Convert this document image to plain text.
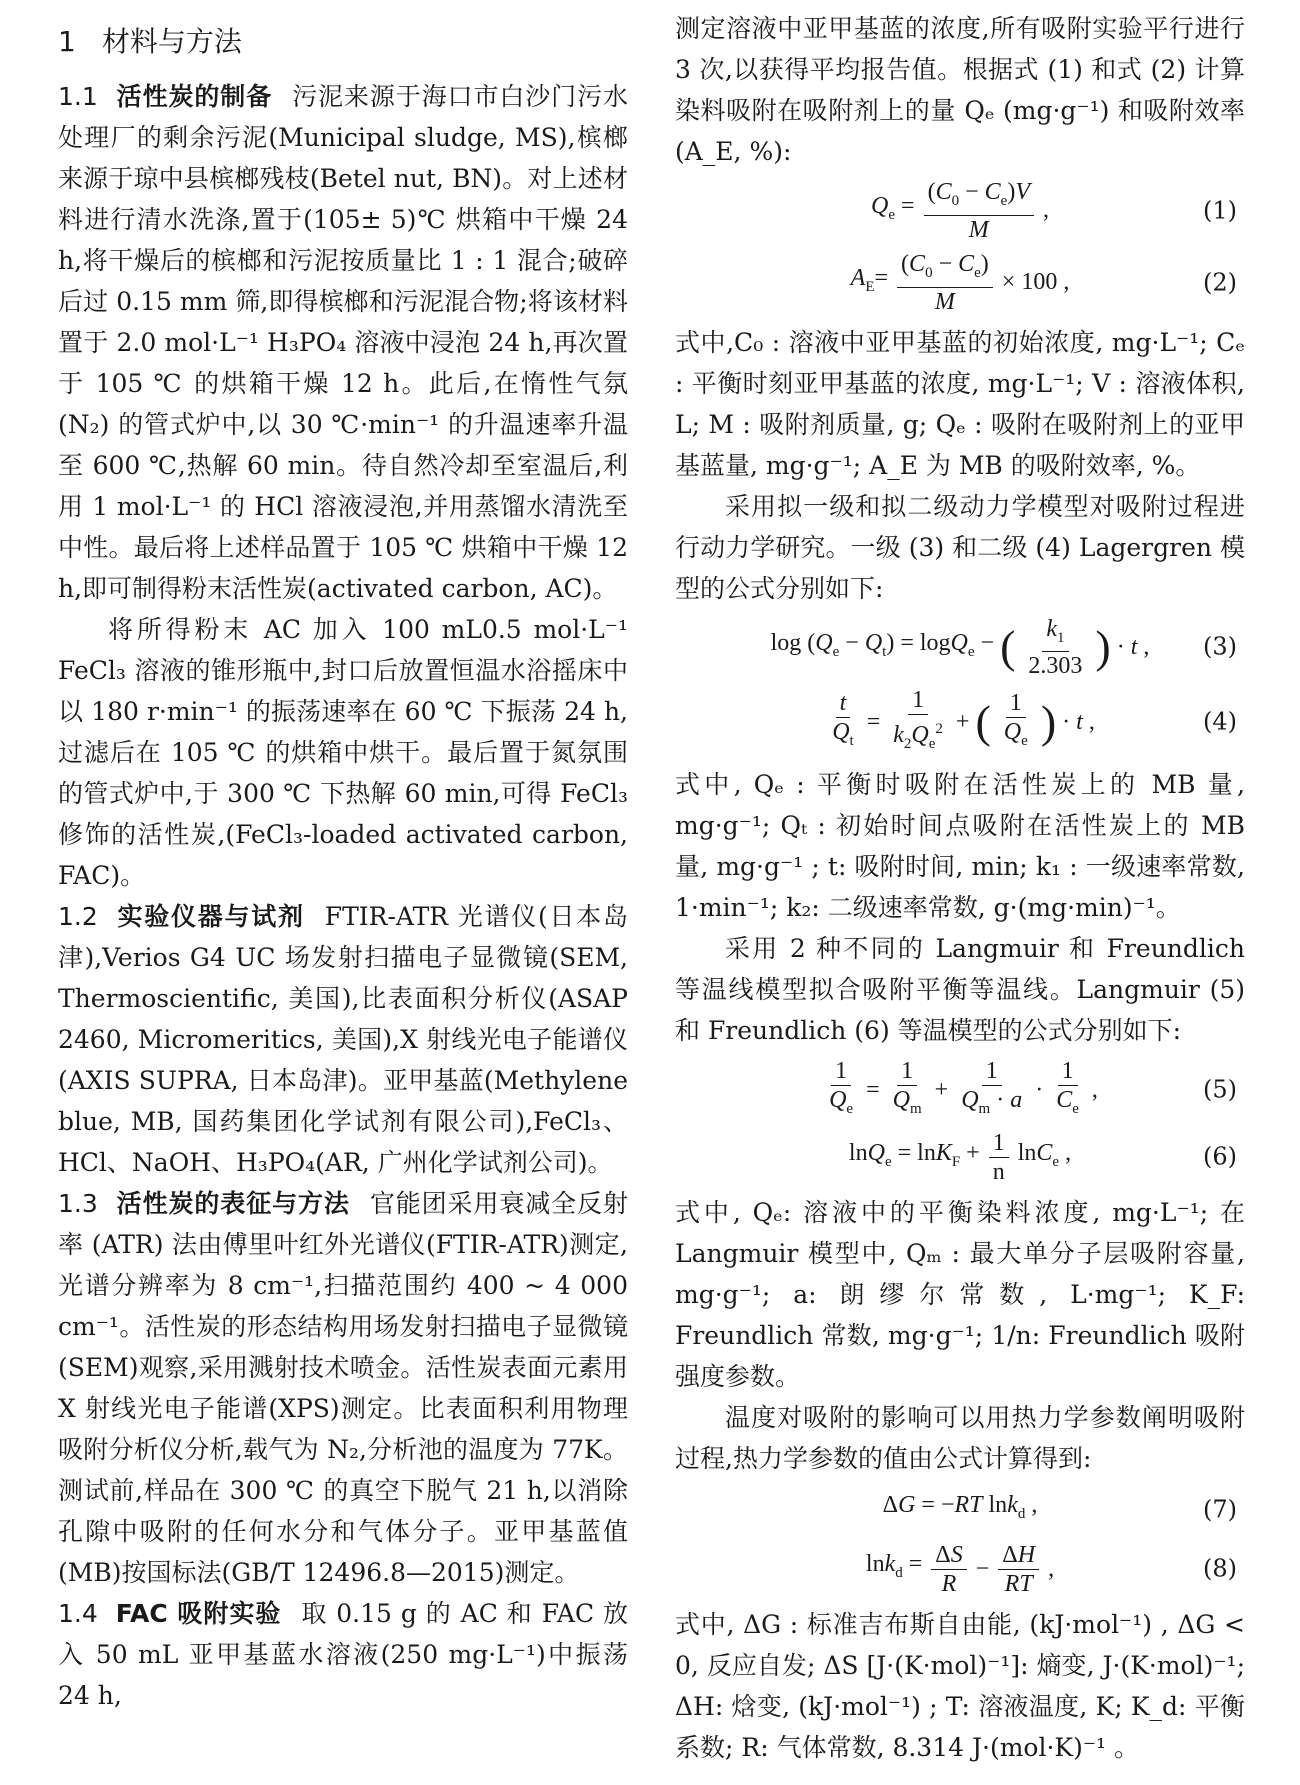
1 材料与方法

1.1 活性炭的制备 污泥来源于海口市白沙门污水处理厂的剩余污泥(Municipal sludge, MS),槟榔来源于琼中县槟榔残枝(Betel nut, BN)。对上述材料进行清水洗涤,置于(105± 5)℃ 烘箱中干燥 24 h,将干燥后的槟榔和污泥按质量比 1 : 1 混合;破碎后过 0.15 mm 筛,即得槟榔和污泥混合物;将该材料置于 2.0 mol·L⁻¹ H₃PO₄ 溶液中浸泡 24 h,再次置于 105 ℃ 的烘箱干燥 12 h。此后,在惰性气氛 (N₂) 的管式炉中,以 30 ℃·min⁻¹ 的升温速率升温至 600 ℃,热解 60 min。待自然冷却至室温后,利用 1 mol·L⁻¹ 的 HCl 溶液浸泡,并用蒸馏水清洗至中性。最后将上述样品置于 105 ℃ 烘箱中干燥 12 h,即可制得粉末活性炭(activated carbon, AC)。

将所得粉末 AC 加入 100 mL0.5 mol·L⁻¹ FeCl₃ 溶液的锥形瓶中,封口后放置恒温水浴摇床中以 180 r·min⁻¹ 的振荡速率在 60 ℃ 下振荡 24 h,过滤后在 105 ℃ 的烘箱中烘干。最后置于氮氛围的管式炉中,于 300 ℃ 下热解 60 min,可得 FeCl₃ 修饰的活性炭,(FeCl₃-loaded activated carbon, FAC)。

1.2 实验仪器与试剂 FTIR-ATR 光谱仪(日本岛津),Verios G4 UC 场发射扫描电子显微镜(SEM, Thermoscientific, 美国),比表面积分析仪(ASAP 2460, Micromeritics, 美国),X 射线光电子能谱仪(AXIS SUPRA, 日本岛津)。亚甲基蓝(Methylene blue, MB, 国药集团化学试剂有限公司),FeCl₃、HCl、NaOH、H₃PO₄(AR, 广州化学试剂公司)。

1.3 活性炭的表征与方法 官能团采用衰减全反射率 (ATR) 法由傅里叶红外光谱仪(FTIR-ATR)测定,光谱分辨率为 8 cm⁻¹,扫描范围约 400 ~ 4 000 cm⁻¹。活性炭的形态结构用场发射扫描电子显微镜(SEM)观察,采用溅射技术喷金。活性炭表面元素用 X 射线光电子能谱(XPS)测定。比表面积利用物理吸附分析仪分析,载气为 N₂,分析池的温度为 77K。测试前,样品在 300 ℃ 的真空下脱气 21 h,以消除孔隙中吸附的任何水分和气体分子。亚甲基蓝值(MB)按国标法(GB/T 12496.8—2015)测定。

1.4 FAC 吸附实验 取 0.15 g 的 AC 和 FAC 放入 50 mL 亚甲基蓝水溶液(250 mg·L⁻¹)中振荡 24 h,

测定溶液中亚甲基蓝的浓度,所有吸附实验平行进行 3 次,以获得平均报告值。根据式 (1) 和式 (2) 计算染料吸附在吸附剂上的量 Qₑ (mg·g⁻¹) 和吸附效率 (A_E, %):

$Q_e = \frac{(C_0 - C_e)V}{M}$ ,	(1)
$A_E= \frac{(C_0 - C_e)}{M} \times 100$ ,	(2)

式中,C₀ : 溶液中亚甲基蓝的初始浓度, mg·L⁻¹; Cₑ : 平衡时刻亚甲基蓝的浓度, mg·L⁻¹; V : 溶液体积, L; M : 吸附剂质量, g; Qₑ : 吸附在吸附剂上的亚甲基蓝量, mg·g⁻¹; A_E 为 MB 的吸附效率, %。

采用拟一级和拟二级动力学模型对吸附过程进行动力学研究。一级 (3) 和二级 (4) Lagergren 模型的公式分别如下:

$\log (Q_e - Q_t) = \log Q_e$ − ( $\frac{k_1}{2.303}$ ) · t , (3)
$\frac{t}{Q_t} = \frac{1}{k_2Q_e^2}$ + ( $\frac{1}{Q_e}$ ) · t ,	(4)

式中, Qₑ : 平衡时吸附在活性炭上的 MB 量, mg·g⁻¹; Qₜ : 初始时间点吸附在活性炭上的 MB 量, mg·g⁻¹ ; t: 吸附时间, min; k₁ : 一级速率常数, 1·min⁻¹; k₂: 二级速率常数, g·(mg·min)⁻¹。

采用 2 种不同的 Langmuir 和 Freundlich 等温线模型拟合吸附平衡等温线。Langmuir (5) 和 Freundlich (6) 等温模型的公式分别如下:

$\frac{1}{Q_e} = \frac{1}{Q_m} + \frac{1}{Q_m \cdot a} \cdot \frac{1}{C_e}$ ,	(5)
$\ln Q_e = \ln K_F + \frac{1}{n} \ln C_e$ ,	(6)

式中, Qₑ: 溶液中的平衡染料浓度, mg·L⁻¹; 在 Langmuir 模型中, Qₘ : 最大单分子层吸附容量, mg·g⁻¹; a: 朗缪尔常数, L·mg⁻¹; K_F: Freundlich 常数, mg·g⁻¹; 1/n: Freundlich 吸附强度参数。

温度对吸附的影响可以用热力学参数阐明吸附过程,热力学参数的值由公式计算得到:

ΔG = −RT lnk$_d$ ,	(7)
$\ln k_d = \frac{\Delta S}{R} - \frac{\Delta H}{RT}$ ,	(8)

式中, ΔG : 标准吉布斯自由能, (kJ·mol⁻¹) , ΔG < 0, 反应自发; ΔS [J·(K·mol)⁻¹]: 熵变, J·(K·mol)⁻¹; ΔH: 焓变, (kJ·mol⁻¹) ; T: 溶液温度, K; K_d: 平衡系数; R: 气体常数, 8.314 J·(mol·K)⁻¹ 。
